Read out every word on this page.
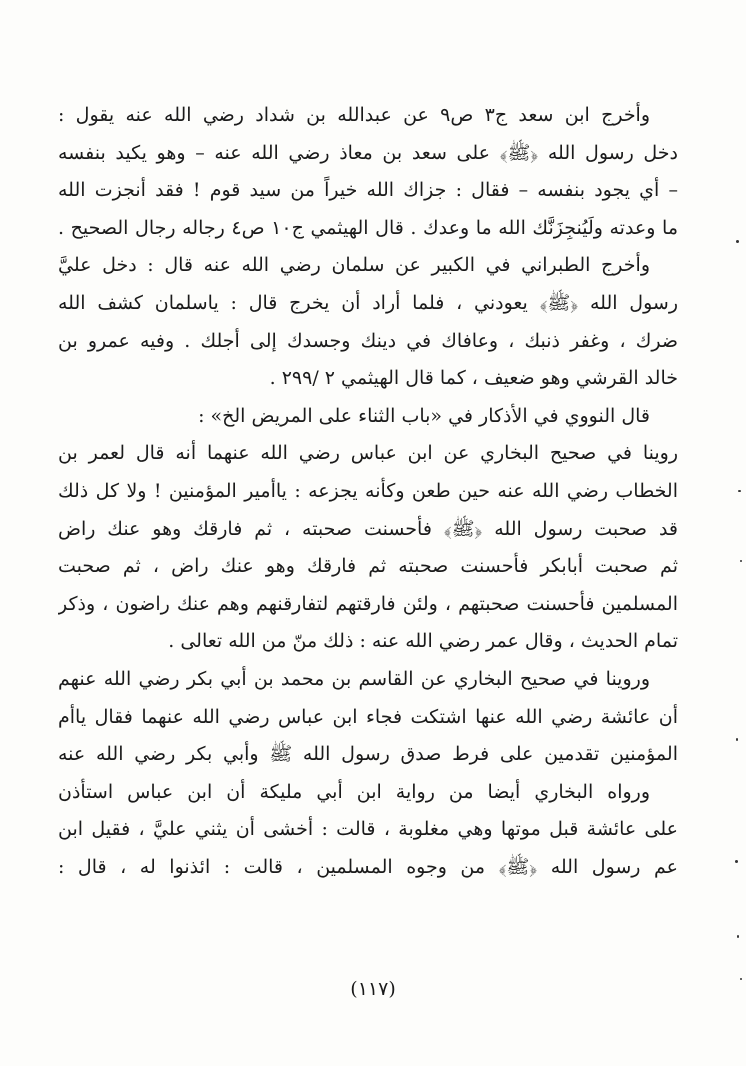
وأخرج ابن سعد ج٣ ص٩ عن عبدالله بن شداد رضي الله عنه يقول :
دخل رسول الله ﴿ﷺ﴾ على سعد بن معاذ رضي الله عنه – وهو يكيد بنفسه
– أي يجود بنفسه – فقال : جزاك الله خيراً من سيد قوم ! فقد أنجزت الله
ما وعدته ولَيُنجِزَنَّك الله ما وعدك . قال الهيثمي ج١٠ ص٤ رجاله رجال الصحيح .
وأخرج الطبراني في الكبير عن سلمان رضي الله عنه قال : دخل عليَّ
رسول الله ﴿ﷺ﴾ يعودني ، فلما أراد أن يخرج قال : ياسلمان كشف الله
ضرك ، وغفر ذنبك ، وعافاك في دينك وجسدك إلى أجلك . وفيه عمرو بن
خالد القرشي وهو ضعيف ، كما قال الهيثمي ٢ /٢٩٩ .
قال النووي في الأذكار في «باب الثناء على المريض الخ» :
روينا في صحيح البخاري عن ابن عباس رضي الله عنهما أنه قال لعمر بن
الخطاب رضي الله عنه حين طعن وكأنه يجزعه : ياأمير المؤمنين ! ولا كل ذلك
قد صحبت رسول الله ﴿ﷺ﴾ فأحسنت صحبته ، ثم فارقك وهو عنك راض
ثم صحبت أبابكر فأحسنت صحبته ثم فارقك وهو عنك راض ، ثم صحبت
المسلمين فأحسنت صحبتهم ، ولئن فارقتهم لتفارقنهم وهم عنك راضون ، وذكر
تمام الحديث ، وقال عمر رضي الله عنه : ذلك منّ من الله تعالى .
وروينا في صحيح البخاري عن القاسم بن محمد بن أبي بكر رضي الله عنهم
أن عائشة رضي الله عنها اشتكت فجاء ابن عباس رضي الله عنهما فقال ياأم
المؤمنين تقدمين على فرط صدق رسول الله ﷺ وأبي بكر رضي الله عنه
ورواه البخاري أيضا من رواية ابن أبي مليكة أن ابن عباس استأذن
على عائشة قبل موتها وهي مغلوبة ، قالت : أخشى أن يثني عليَّ ، فقيل ابن
عم رسول الله ﴿ﷺ﴾ من وجوه المسلمين ، قالت : ائذنوا له ، قال :
(١١٧)
